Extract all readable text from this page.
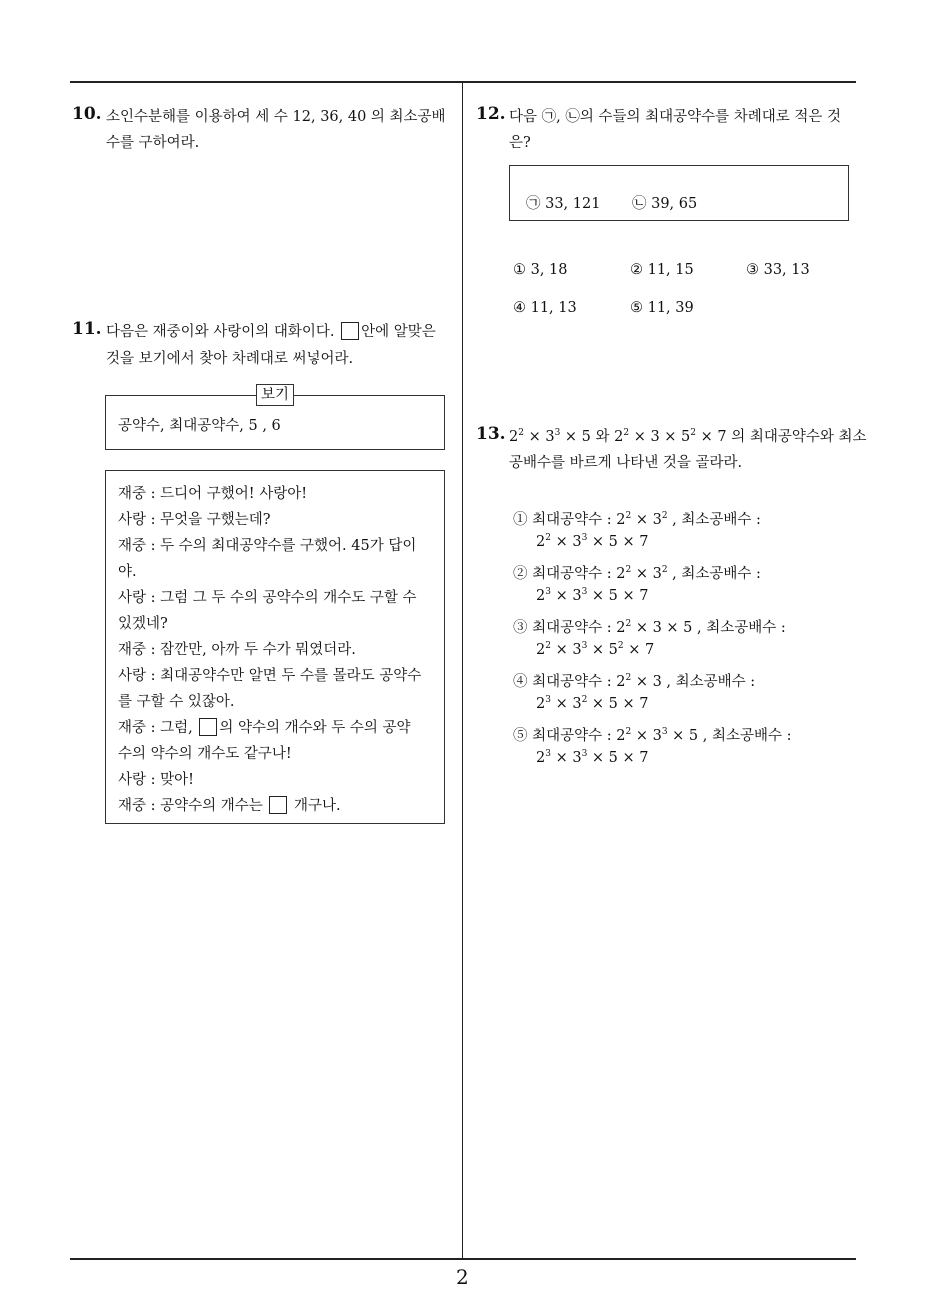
2
10. 소인수분해를 이용하여 세 수 12, 36, 40 의 최소공배
수를 구하여라.
11. 다음은 재중이와 사랑이의 대화이다. 안에 알맞은
것을 보기에서 찾아 차례대로 써넣어라.
보기
공약수, 최대공약수, 5 , 6
재중 : 드디어 구했어! 사랑아!
사랑 : 무엇을 구했는데?
재중 : 두 수의 최대공약수를 구했어. 45가 답이
야.
사랑 : 그럼 그 두 수의 공약수의 개수도 구할 수
있겠네?
재중 : 잠깐만, 아까 두 수가 뭐였더라.
사랑 : 최대공약수만 알면 두 수를 몰라도 공약수
를 구할 수 있잖아.
재중 : 그럼, 의 약수의 개수와 두 수의 공약
수의 약수의 개수도 같구나!
사랑 : 맞아!
재중 : 공약수의 개수는 개구나.
12. 다음 ㉠, ㉡의 수들의 최대공약수를 차례대로 적은 것
은?
㉠ 33, 121 ㉡ 39, 65
① 3, 18	② 11, 15	③ 33, 13
④ 11, 13	⑤ 11, 39
13. $2^2 \times 3^3 \times 5$ 와 $2^2 \times 3 \times 5^2 \times 7$ 의 최대공약수와 최소
공배수를 바르게 나타낸 것을 골라라.
① 최대공약수 : $2^2 \times 3^2$ , 최소공배수 :
$2^2 \times 3^3 \times 5 \times 7$
② 최대공약수 : $2^2 \times 3^2$ , 최소공배수 :
$2^3 \times 3^3 \times 5 \times 7$
③ 최대공약수 : $2^2 \times 3 \times 5$ , 최소공배수 :
$2^2 \times 3^3 \times 5^2 \times 7$
④ 최대공약수 : $2^2 \times 3$ , 최소공배수 :
$2^3 \times 3^2 \times 5 \times 7$
⑤ 최대공약수 : $2^2 \times 3^3 \times 5$ , 최소공배수 :
$2^3 \times 3^3 \times 5 \times 7$
